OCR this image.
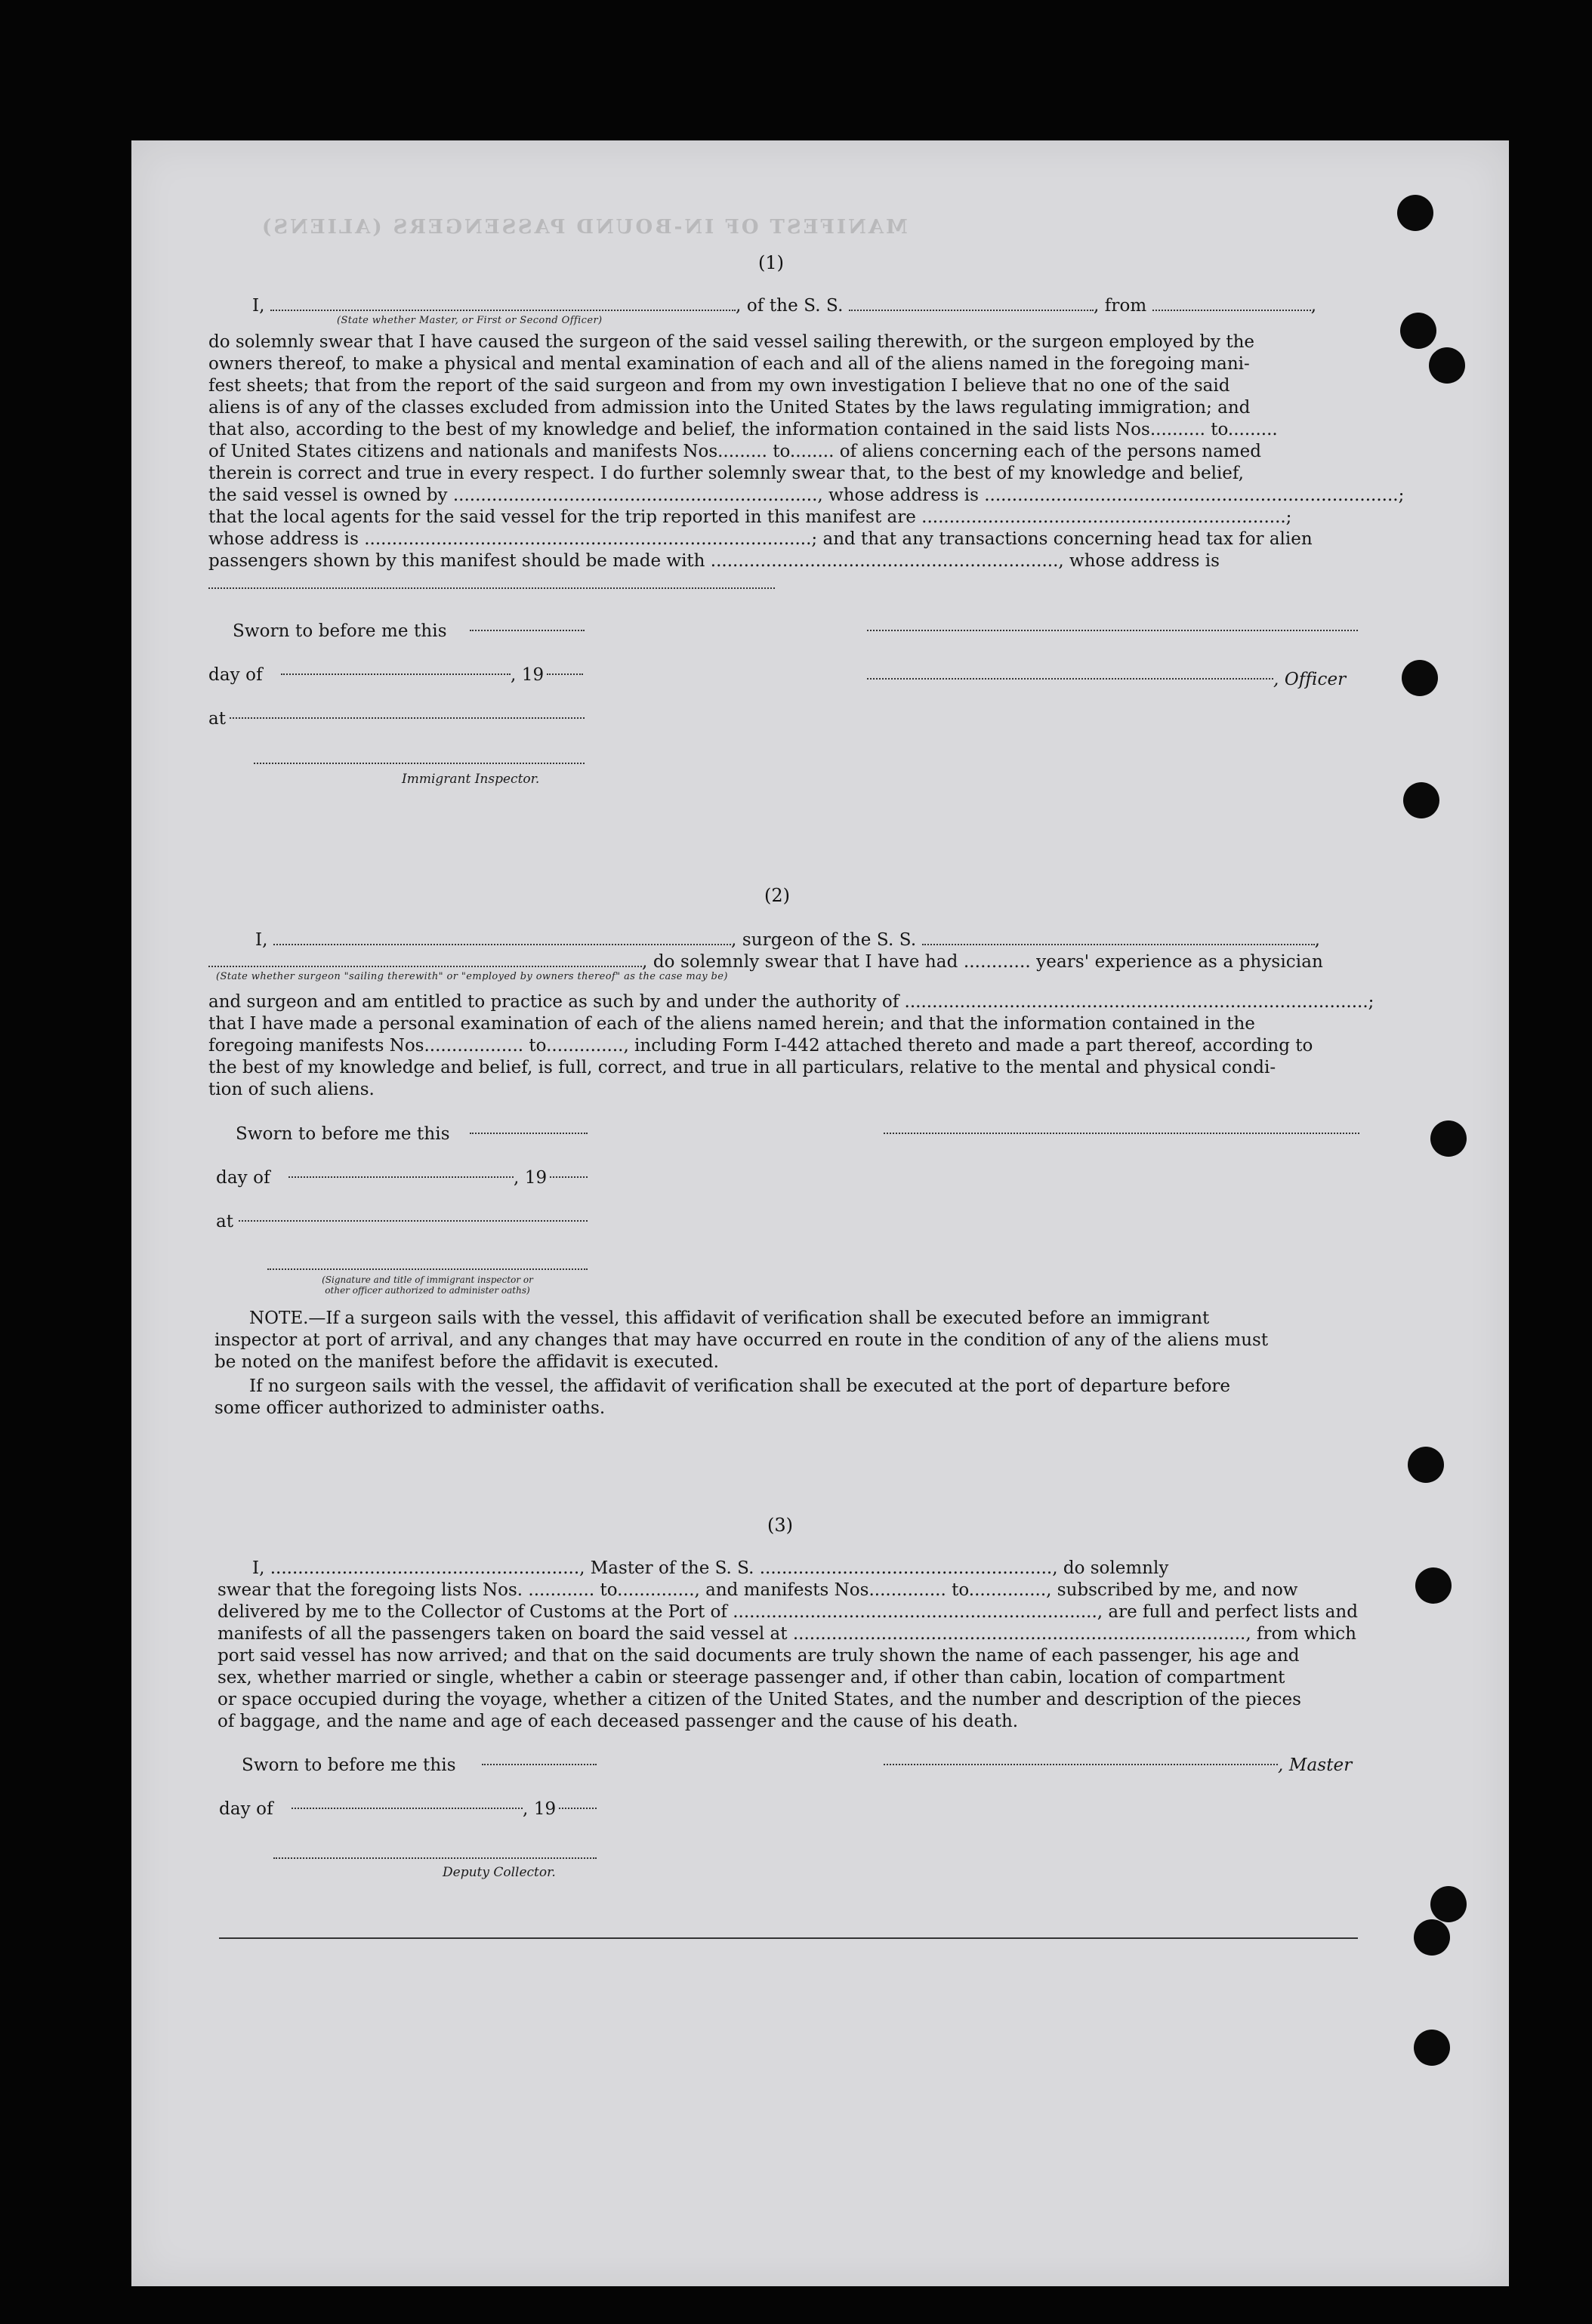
MANIFEST OF IN-BOUND PASSENGERS (ALIENS)
(1)
I,	, of the S. S.	, from	,
(State whether Master, or First or Second Officer)
do solemnly swear that I have caused the surgeon of the said vessel sailing therewith, or the surgeon employed by the
owners thereof, to make a physical and mental examination of each and all of the aliens named in the foregoing mani-
fest sheets; that from the report of the said surgeon and from my own investigation I believe that no one of the said
aliens is of any of the classes excluded from admission into the United States by the laws regulating immigration; and
that also, according to the best of my knowledge and belief, the information contained in the said lists Nos.......... to.........
of United States citizens and nationals and manifests Nos......... to........ of aliens concerning each of the persons named
therein is correct and true in every respect. I do further solemnly swear that, to the best of my knowledge and belief,
the said vessel is owned by .................................................................., whose address is ...........................................................................;
that the local agents for the said vessel for the trip reported in this manifest are ..................................................................;
whose address is .................................................................................; and that any transactions concerning head tax for alien
passengers shown by this manifest should be made with ..............................................................., whose address is
Sworn to before me this
day of	, 19	, Officer
at
Immigrant Inspector.
(2)
I,	, surgeon of the S. S.	,
, do solemnly swear that I have had ............ years' experience as a physician
(State whether surgeon "sailing therewith" or "employed by owners thereof" as the case may be)
and surgeon and am entitled to practice as such by and under the authority of ....................................................................................;
that I have made a personal examination of each of the aliens named herein; and that the information contained in the
foregoing manifests Nos.................. to.............., including Form I-442 attached thereto and made a part thereof, according to
the best of my knowledge and belief, is full, correct, and true in all particulars, relative to the mental and physical condi-
tion of such aliens.
Sworn to before me this
day of	, 19
at
(Signature and title of immigrant inspector or
other officer authorized to administer oaths)
NOTE.—If a surgeon sails with the vessel, this affidavit of verification shall be executed before an immigrant
inspector at port of arrival, and any changes that may have occurred en route in the condition of any of the aliens must
be noted on the manifest before the affidavit is executed.
If no surgeon sails with the vessel, the affidavit of verification shall be executed at the port of departure before
some officer authorized to administer oaths.
(3)
I, ........................................................, Master of the S. S. ....................................................., do solemnly
swear that the foregoing lists Nos. ............ to.............., and manifests Nos.............. to.............., subscribed by me, and now
delivered by me to the Collector of Customs at the Port of .................................................................., are full and perfect lists and
manifests of all the passengers taken on board the said vessel at .................................................................................., from which
port said vessel has now arrived; and that on the said documents are truly shown the name of each passenger, his age and
sex, whether married or single, whether a cabin or steerage passenger and, if other than cabin, location of compartment
or space occupied during the voyage, whether a citizen of the United States, and the number and description of the pieces
of baggage, and the name and age of each deceased passenger and the cause of his death.
Sworn to before me this	, Master
day of	, 19
Deputy Collector.
